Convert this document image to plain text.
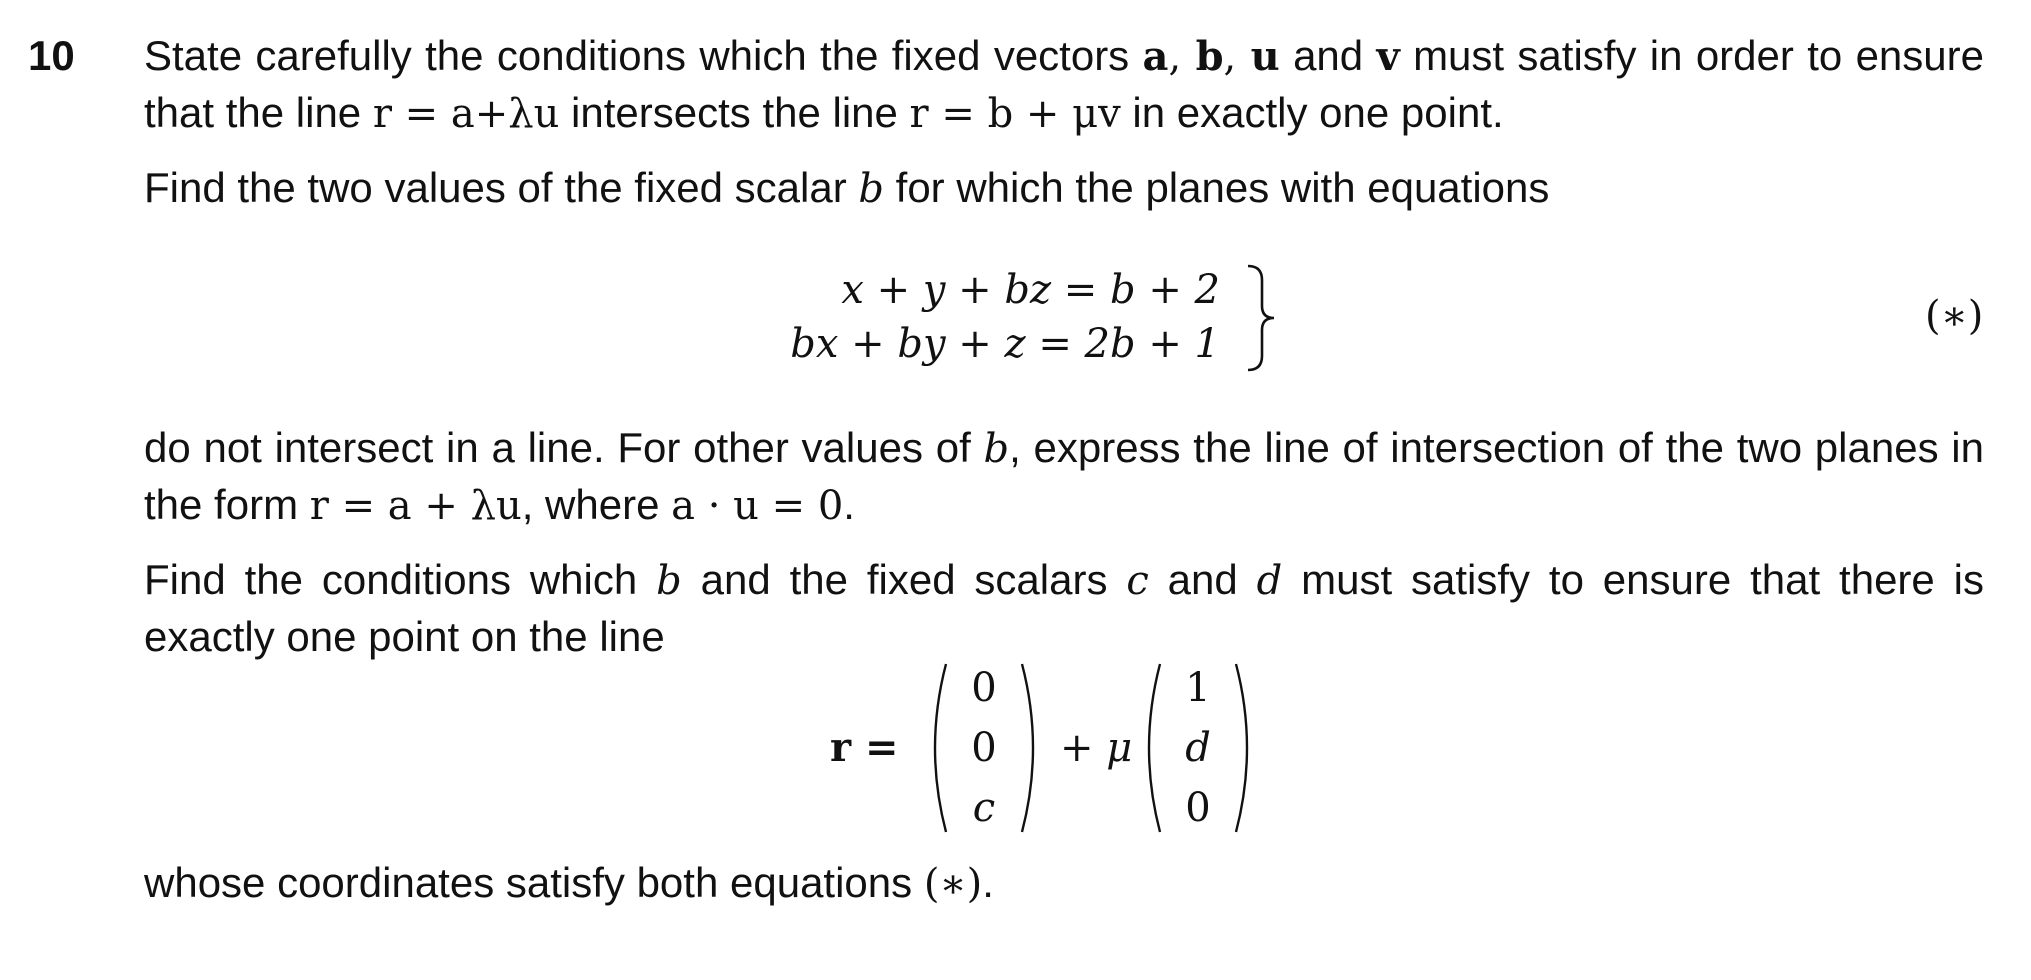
10 State carefully the conditions which the fixed vectors a, b, u and v must satisfy in order to ensure that the line r = a+λu intersects the line r = b + μv in exactly one point.
Find the two values of the fixed scalar b for which the planes with equations
x + y + bz = b + 2
bx + by + z = 2b + 1
(∗)
do not intersect in a line. For other values of b, express the line of intersection of the two planes in the form r = a + λu, where a · u = 0.
Find the conditions which b and the fixed scalars c and d must satisfy to ensure that there is exactly one point on the line
r =
0
0
c
+ μ
1
d
0
whose coordinates satisfy both equations (∗).
